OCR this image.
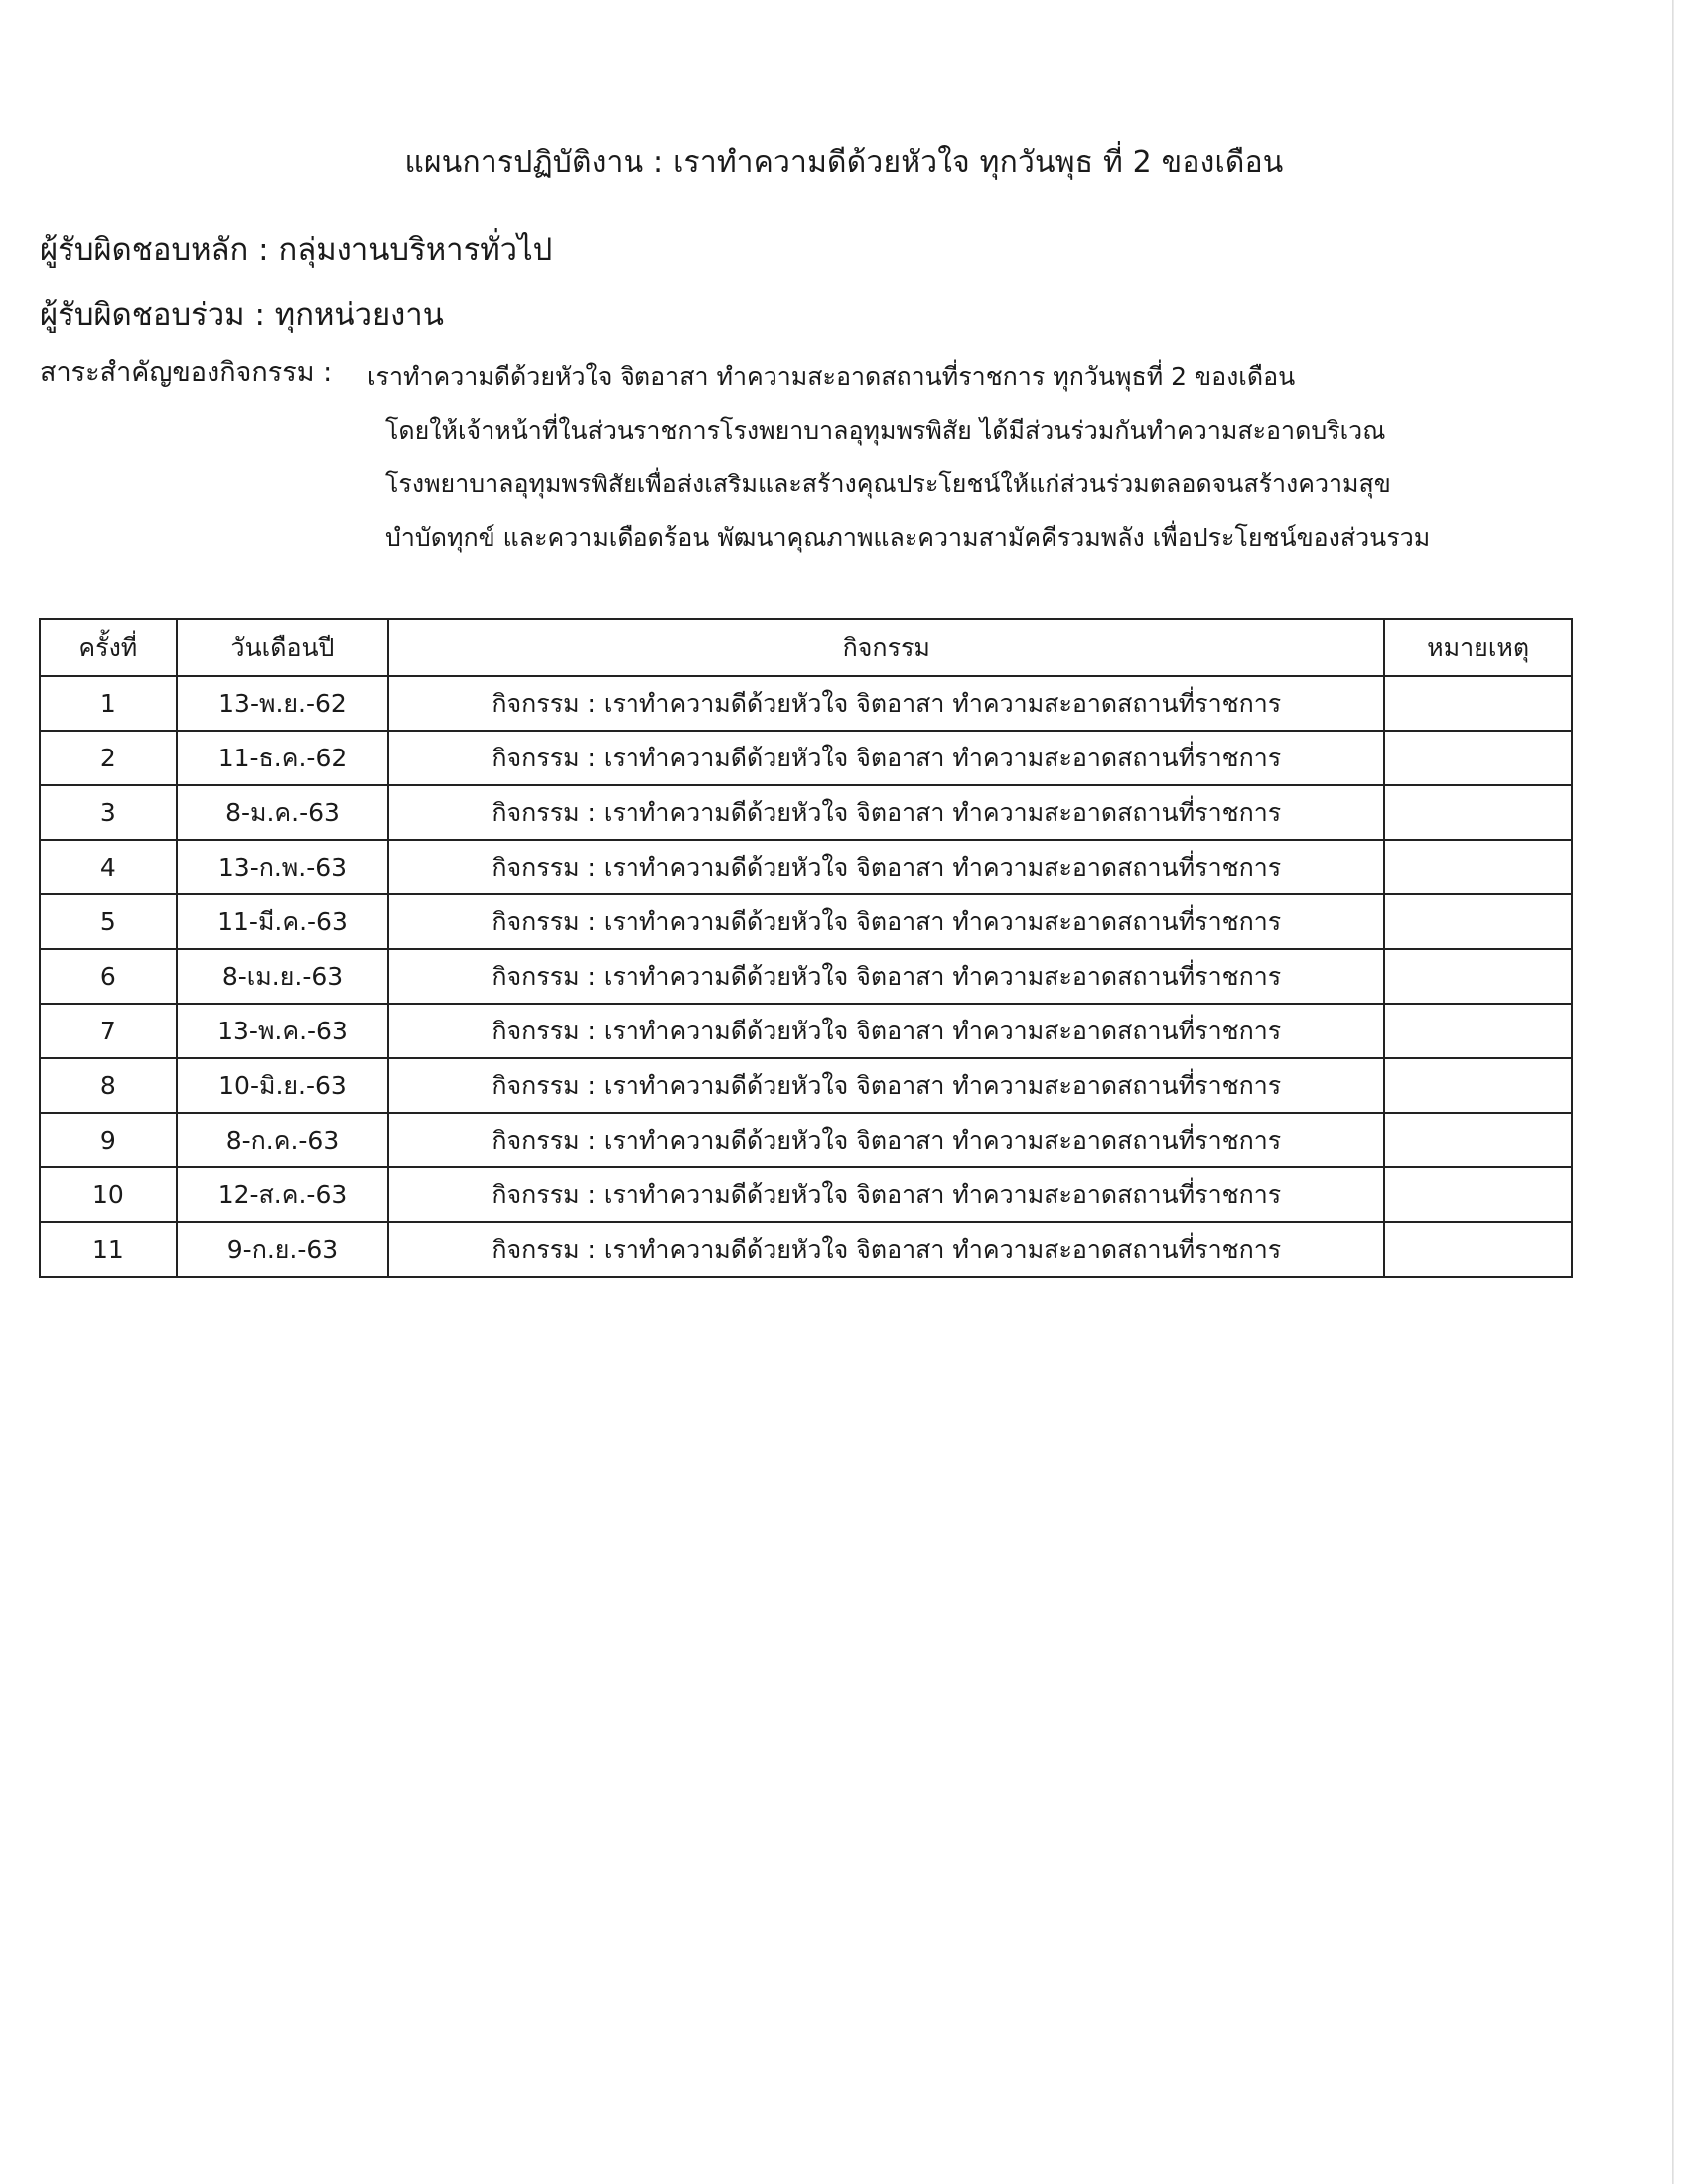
แผนการปฏิบัติงาน : เราทำความดีด้วยหัวใจ ทุกวันพุธ ที่ 2 ของเดือน
ผู้รับผิดชอบหลัก : กลุ่มงานบริหารทั่วไป
ผู้รับผิดชอบร่วม : ทุกหน่วยงาน
สาระสำคัญของกิจกรรม : เราทำความดีด้วยหัวใจ จิตอาสา ทำความสะอาดสถานที่ราชการ ทุกวันพุธที่ 2 ของเดือน
โดยให้เจ้าหน้าที่ในส่วนราชการโรงพยาบาลอุทุมพรพิสัย ได้มีส่วนร่วมกันทำความสะอาดบริเวณ
โรงพยาบาลอุทุมพรพิสัยเพื่อส่งเสริมและสร้างคุณประโยชน์ให้แก่ส่วนร่วมตลอดจนสร้างความสุข
บำบัดทุกข์ และความเดือดร้อน พัฒนาคุณภาพและความสามัคคีรวมพลัง เพื่อประโยชน์ของส่วนรวม
ครั้งที่	วันเดือนปี	กิจกรรม	หมายเหตุ
1	13-พ.ย.-62	กิจกรรม : เราทำความดีด้วยหัวใจ จิตอาสา ทำความสะอาดสถานที่ราชการ	
2	11-ธ.ค.-62	กิจกรรม : เราทำความดีด้วยหัวใจ จิตอาสา ทำความสะอาดสถานที่ราชการ	
3	8-ม.ค.-63	กิจกรรม : เราทำความดีด้วยหัวใจ จิตอาสา ทำความสะอาดสถานที่ราชการ	
4	13-ก.พ.-63	กิจกรรม : เราทำความดีด้วยหัวใจ จิตอาสา ทำความสะอาดสถานที่ราชการ	
5	11-มี.ค.-63	กิจกรรม : เราทำความดีด้วยหัวใจ จิตอาสา ทำความสะอาดสถานที่ราชการ	
6	8-เม.ย.-63	กิจกรรม : เราทำความดีด้วยหัวใจ จิตอาสา ทำความสะอาดสถานที่ราชการ	
7	13-พ.ค.-63	กิจกรรม : เราทำความดีด้วยหัวใจ จิตอาสา ทำความสะอาดสถานที่ราชการ	
8	10-มิ.ย.-63	กิจกรรม : เราทำความดีด้วยหัวใจ จิตอาสา ทำความสะอาดสถานที่ราชการ	
9	8-ก.ค.-63	กิจกรรม : เราทำความดีด้วยหัวใจ จิตอาสา ทำความสะอาดสถานที่ราชการ	
10	12-ส.ค.-63	กิจกรรม : เราทำความดีด้วยหัวใจ จิตอาสา ทำความสะอาดสถานที่ราชการ	
11	9-ก.ย.-63	กิจกรรม : เราทำความดีด้วยหัวใจ จิตอาสา ทำความสะอาดสถานที่ราชการ	
